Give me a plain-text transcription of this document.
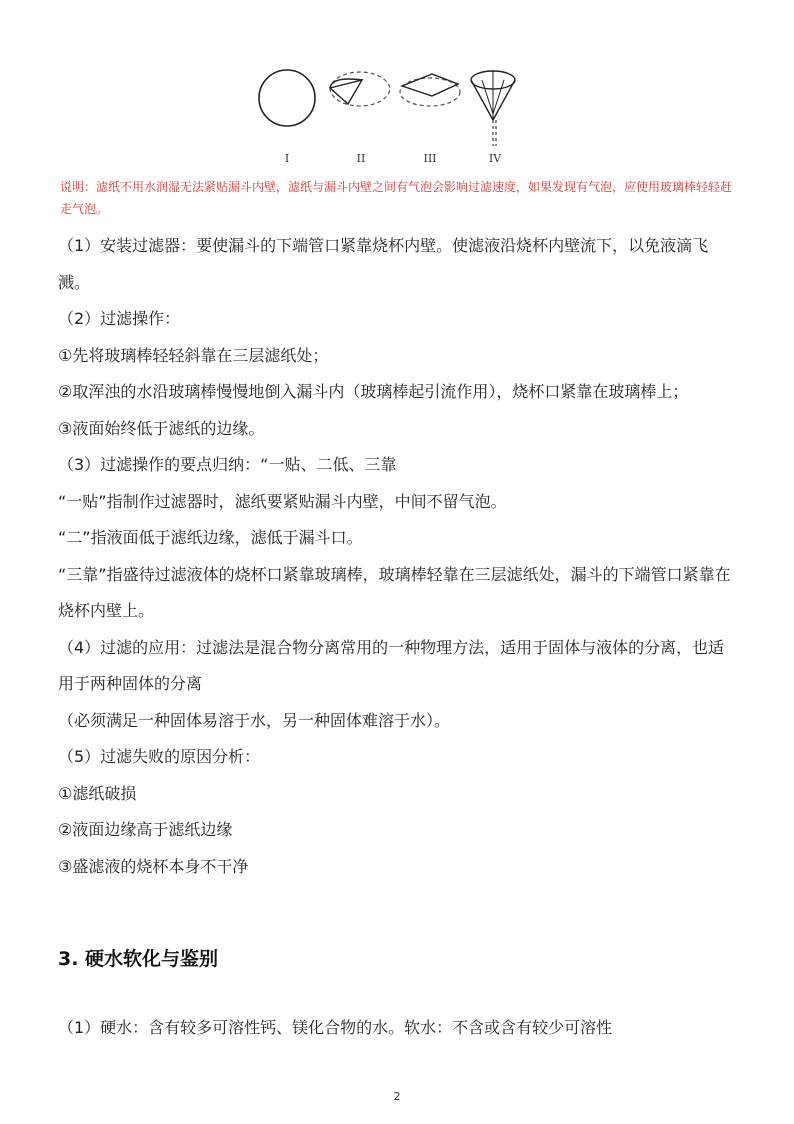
I	II	III	IV
说明：滤纸不用水润湿无法紧贴漏斗内壁，滤纸与漏斗内壁之间有气泡会影响过滤速度，如果发现有气泡，应使用玻璃棒轻轻赶走气泡。

（1）安装过滤器：要使漏斗的下端管口紧靠烧杯内壁。使滤液沿烧杯内壁流下，以免液滴飞溅。

（2）过滤操作：

①先将玻璃棒轻轻斜靠在三层滤纸处；

②取浑浊的水沿玻璃棒慢慢地倒入漏斗内（玻璃棒起引流作用），烧杯口紧靠在玻璃棒上；

③液面始终低于滤纸的边缘。

（3）过滤操作的要点归纳：“一贴、二低、三靠

“一贴”指制作过滤器时，滤纸要紧贴漏斗内壁，中间不留气泡。

“二”指液面低于滤纸边缘，滤低于漏斗口。

“三靠”指盛待过滤液体的烧杯口紧靠玻璃棒，玻璃棒轻靠在三层滤纸处，漏斗的下端管口紧靠在烧杯内壁上。

（4）过滤的应用：过滤法是混合物分离常用的一种物理方法，适用于固体与液体的分离，也适用于两种固体的分离

（必须满足一种固体易溶于水，另一种固体难溶于水）。

（5）过滤失败的原因分析：

①滤纸破损

②液面边缘高于滤纸边缘

③盛滤液的烧杯本身不干净

3. 硬水软化与鉴别
（1）硬水：含有较多可溶性钙、镁化合物的水。软水：不含或含有较少可溶性
2
